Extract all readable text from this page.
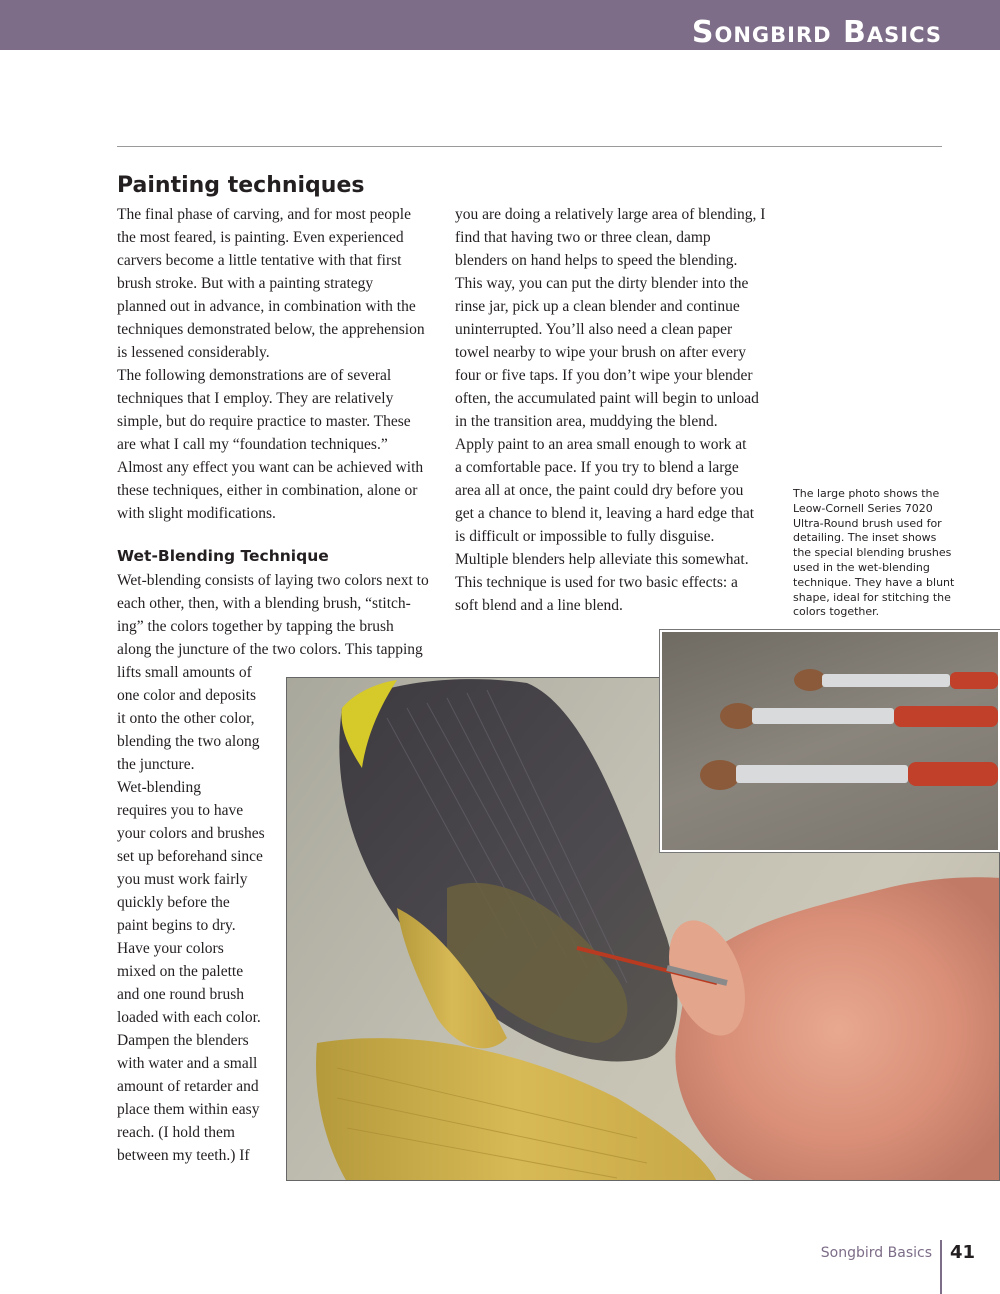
Songbird Basics
Painting techniques
The final phase of carving, and for most people
the most feared, is painting. Even experienced
carvers become a little tentative with that first
brush stroke. But with a painting strategy
planned out in advance, in combination with the
techniques demonstrated below, the apprehension
is lessened considerably.
The following demonstrations are of several
techniques that I employ. They are relatively
simple, but do require practice to master. These
are what I call my “foundation techniques.”
Almost any effect you want can be achieved with
these techniques, either in combination, alone or
with slight modifications.
Wet-Blending Technique
Wet-blending consists of laying two colors next to
each other, then, with a blending brush, “stitch-
ing” the colors together by tapping the brush
along the juncture of the two colors. This tapping
lifts small amounts of
one color and deposits
it onto the other color,
blending the two along
the juncture.
Wet-blending
requires you to have
your colors and brushes
set up beforehand since
you must work fairly
quickly before the
paint begins to dry.
Have your colors
mixed on the palette
and one round brush
loaded with each color.
Dampen the blenders
with water and a small
amount of retarder and
place them within easy
reach. (I hold them
between my teeth.) If
you are doing a relatively large area of blending, I
find that having two or three clean, damp
blenders on hand helps to speed the blending.
This way, you can put the dirty blender into the
rinse jar, pick up a clean blender and continue
uninterrupted. You’ll also need a clean paper
towel nearby to wipe your brush on after every
four or five taps. If you don’t wipe your blender
often, the accumulated paint will begin to unload
in the transition area, muddying the blend.
Apply paint to an area small enough to work at
a comfortable pace. If you try to blend a large
area all at once, the paint could dry before you
get a chance to blend it, leaving a hard edge that
is difficult or impossible to fully disguise.
Multiple blenders help alleviate this somewhat.
This technique is used for two basic effects: a
soft blend and a line blend.
The large photo shows the
Leow-Cornell Series 7020
Ultra-Round brush used for
detailing. The inset shows
the special blending brushes
used in the wet-blending
technique. They have a blunt
shape, ideal for stitching the
colors together.
Songbird Basics 41
